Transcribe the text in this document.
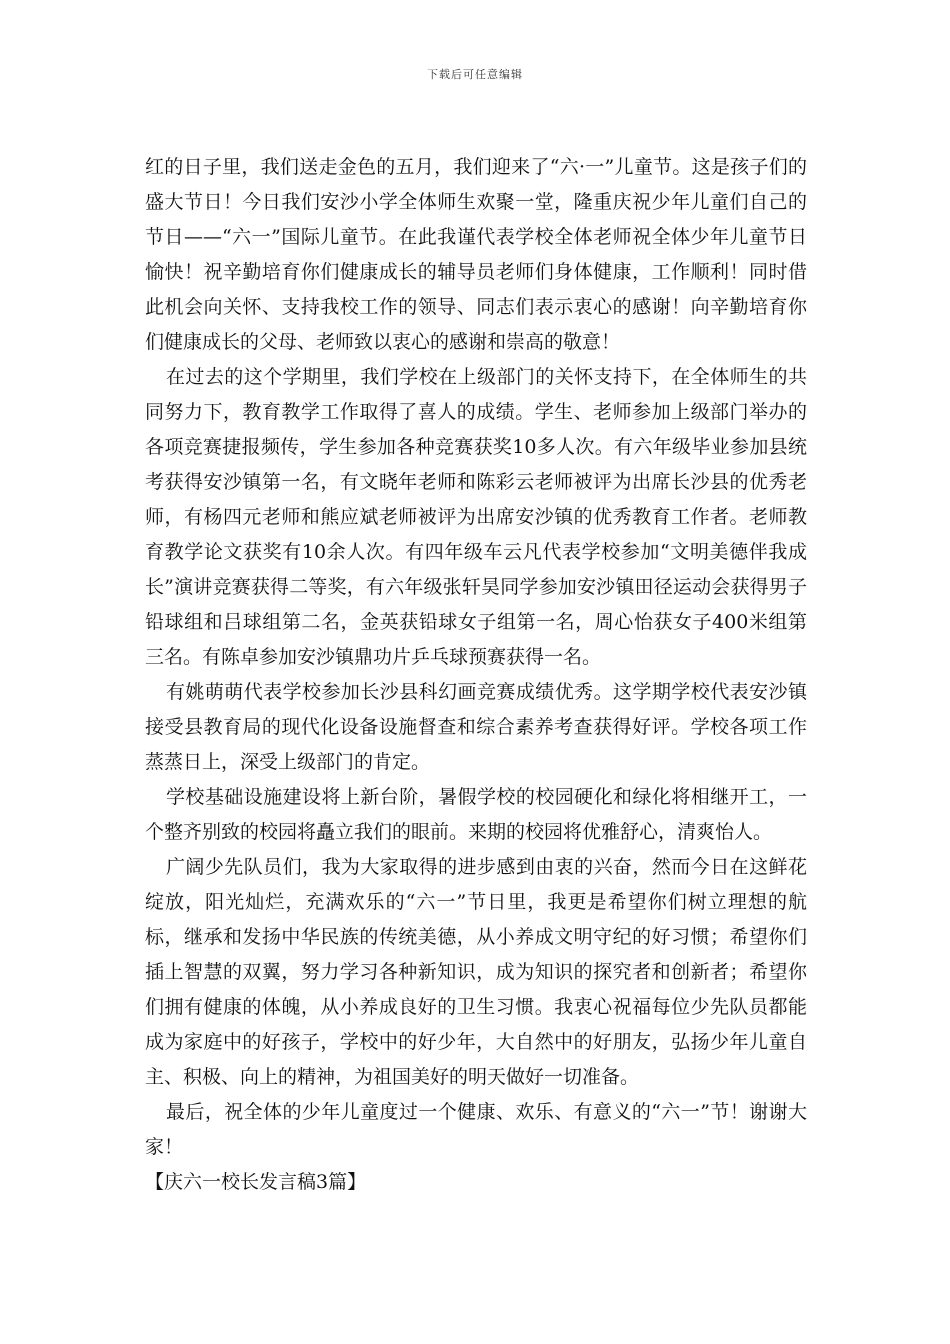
下载后可任意编辑

红的日子里，我们送走金色的五月，我们迎来了“六·一”儿童节。这是孩子们的盛大节日！今日我们安沙小学全体师生欢聚一堂，隆重庆祝少年儿童们自己的节日——“六一”国际儿童节。在此我谨代表学校全体老师祝全体少年儿童节日愉快！祝辛勤培育你们健康成长的辅导员老师们身体健康，工作顺利！同时借此机会向关怀、支持我校工作的领导、同志们表示衷心的感谢！向辛勤培育你们健康成长的父母、老师致以衷心的感谢和崇高的敬意！

在过去的这个学期里，我们学校在上级部门的关怀支持下，在全体师生的共同努力下，教育教学工作取得了喜人的成绩。学生、老师参加上级部门举办的各项竞赛捷报频传，学生参加各种竞赛获奖10多人次。有六年级毕业参加县统考获得安沙镇第一名，有文晓年老师和陈彩云老师被评为出席长沙县的优秀老师，有杨四元老师和熊应斌老师被评为出席安沙镇的优秀教育工作者。老师教育教学论文获奖有10余人次。有四年级车云凡代表学校参加“文明美德伴我成长”演讲竞赛获得二等奖，有六年级张轩昊同学参加安沙镇田径运动会获得男子铅球组和吕球组第二名，金英获铅球女子组第一名，周心怡获女子400米组第三名。有陈卓参加安沙镇鼎功片乒乓球预赛获得一名。

有姚萌萌代表学校参加长沙县科幻画竞赛成绩优秀。这学期学校代表安沙镇接受县教育局的现代化设备设施督查和综合素养考查获得好评。学校各项工作蒸蒸日上，深受上级部门的肯定。

学校基础设施建设将上新台阶，暑假学校的校园硬化和绿化将相继开工，一个整齐别致的校园将矗立我们的眼前。来期的校园将优雅舒心，清爽怡人。

广阔少先队员们，我为大家取得的进步感到由衷的兴奋，然而今日在这鲜花绽放，阳光灿烂，充满欢乐的“六一”节日里，我更是希望你们树立理想的航标，继承和发扬中华民族的传统美德，从小养成文明守纪的好习惯；希望你们插上智慧的双翼，努力学习各种新知识，成为知识的探究者和创新者；希望你们拥有健康的体魄，从小养成良好的卫生习惯。我衷心祝福每位少先队员都能成为家庭中的好孩子，学校中的好少年，大自然中的好朋友，弘扬少年儿童自主、积极、向上的精神，为祖国美好的明天做好一切准备。

最后，祝全体的少年儿童度过一个健康、欢乐、有意义的“六一”节！谢谢大家！

【庆六一校长发言稿3篇】
